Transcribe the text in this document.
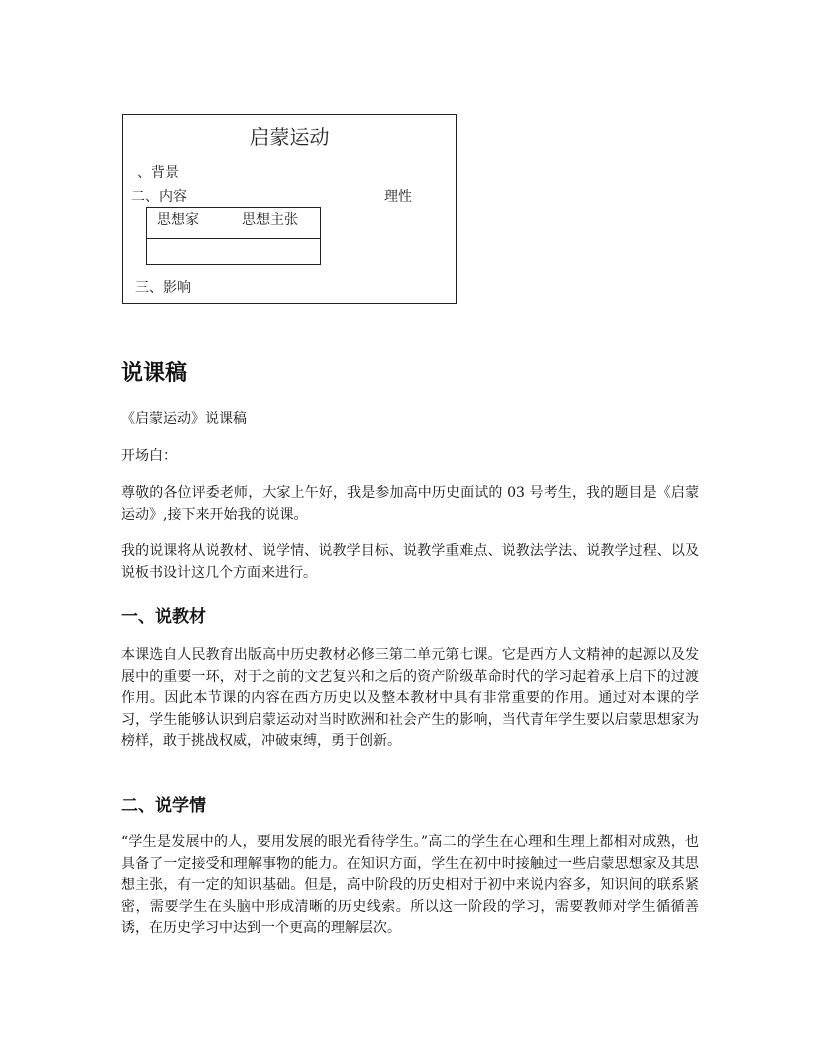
启蒙运动
、背景
二、内容	理性
思想家	思想主张
三、影响
说课稿
《启蒙运动》说课稿
开场白：
尊敬的各位评委老师，大家上午好，我是参加高中历史面试的 03 号考生，我的题目是《启蒙运动》,接下来开始我的说课。
我的说课将从说教材、说学情、说教学目标、说教学重难点、说教法学法、说教学过程、以及说板书设计这几个方面来进行。
一、说教材
本课选自人民教育出版高中历史教材必修三第二单元第七课。它是西方人文精神的起源以及发展中的重要一环，对于之前的文艺复兴和之后的资产阶级革命时代的学习起着承上启下的过渡作用。因此本节课的内容在西方历史以及整本教材中具有非常重要的作用。通过对本课的学习，学生能够认识到启蒙运动对当时欧洲和社会产生的影响，当代青年学生要以启蒙思想家为榜样，敢于挑战权威，冲破束缚，勇于创新。
二、说学情
“学生是发展中的人，要用发展的眼光看待学生。”高二的学生在心理和生理上都相对成熟，也具备了一定接受和理解事物的能力。在知识方面，学生在初中时接触过一些启蒙思想家及其思想主张，有一定的知识基础。但是，高中阶段的历史相对于初中来说内容多，知识间的联系紧密，需要学生在头脑中形成清晰的历史线索。所以这一阶段的学习，需要教师对学生循循善诱，在历史学习中达到一个更高的理解层次。
